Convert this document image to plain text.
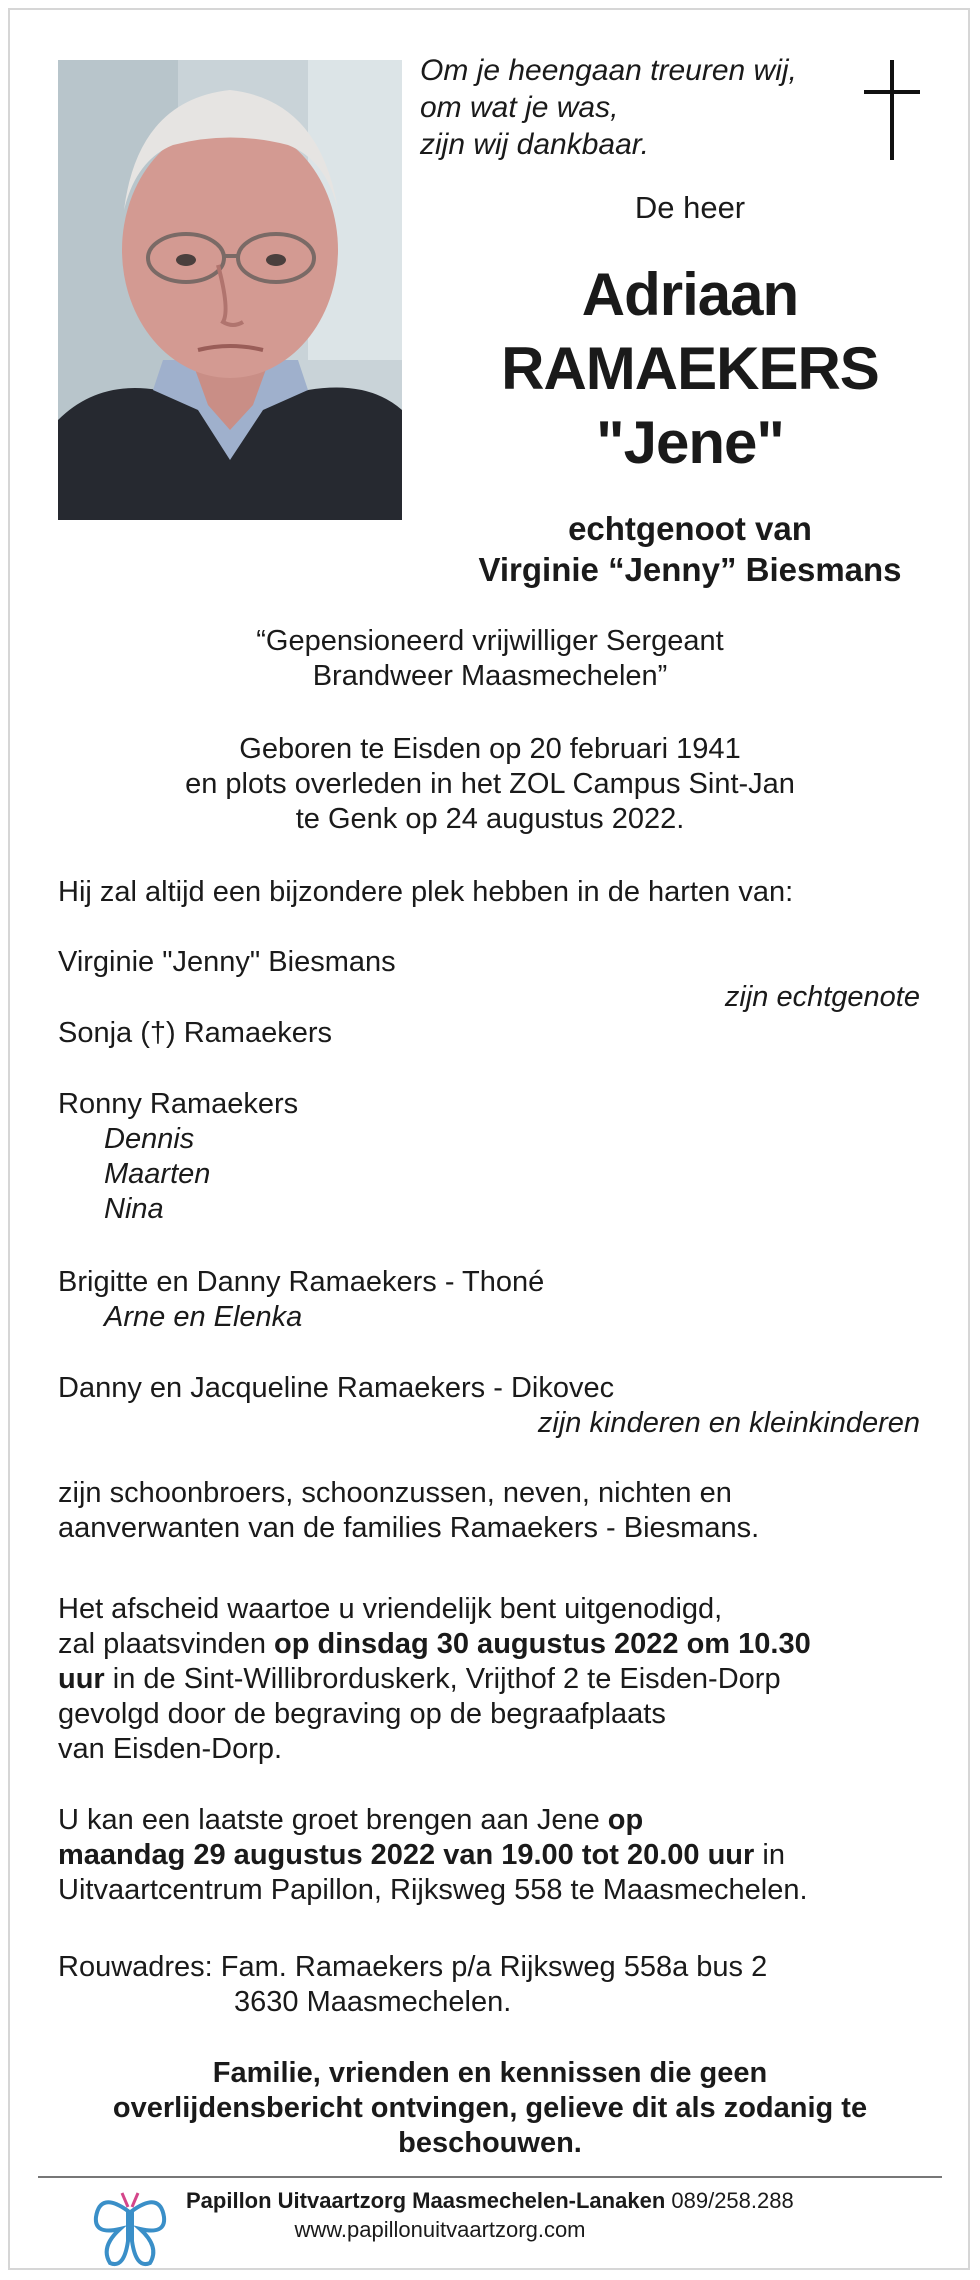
Om je heengaan treuren wij,
om wat je was,
zijn wij dankbaar.
De heer
Adriaan
RAMAEKERS
"Jene"
echtgenoot van
Virginie “Jenny” Biesmans
“Gepensioneerd vrijwilliger Sergeant
Brandweer Maasmechelen”
Geboren te Eisden op 20 februari 1941
en plots overleden in het ZOL Campus Sint-Jan
te Genk op 24 augustus 2022.
Hij zal altijd een bijzondere plek hebben in de harten van:
Virginie "Jenny" Biesmans
zijn echtgenote
Sonja (†) Ramaekers
Ronny Ramaekers
Dennis
Maarten
Nina
Brigitte en Danny Ramaekers - Thoné
Arne en Elenka
Danny en Jacqueline Ramaekers - Dikovec
zijn kinderen en kleinkinderen
zijn schoonbroers, schoonzussen, neven, nichten en
aanverwanten van de families Ramaekers - Biesmans.
Het afscheid waartoe u vriendelijk bent uitgenodigd,
zal plaatsvinden op dinsdag 30 augustus 2022 om 10.30
uur in de Sint-Willibrorduskerk, Vrijthof 2 te Eisden-Dorp
gevolgd door de begraving op de begraafplaats
van Eisden-Dorp.
U kan een laatste groet brengen aan Jene op
maandag 29 augustus 2022 van 19.00 tot 20.00 uur in
Uitvaartcentrum Papillon, Rijksweg 558 te Maasmechelen.
Rouwadres: Fam. Ramaekers p/a Rijksweg 558a bus 2
3630 Maasmechelen.
Familie, vrienden en kennissen die geen
overlijdensbericht ontvingen, gelieve dit als zodanig te
beschouwen.
Papillon Uitvaartzorg Maasmechelen-Lanaken 089/258.288
www.papillonuitvaartzorg.com
